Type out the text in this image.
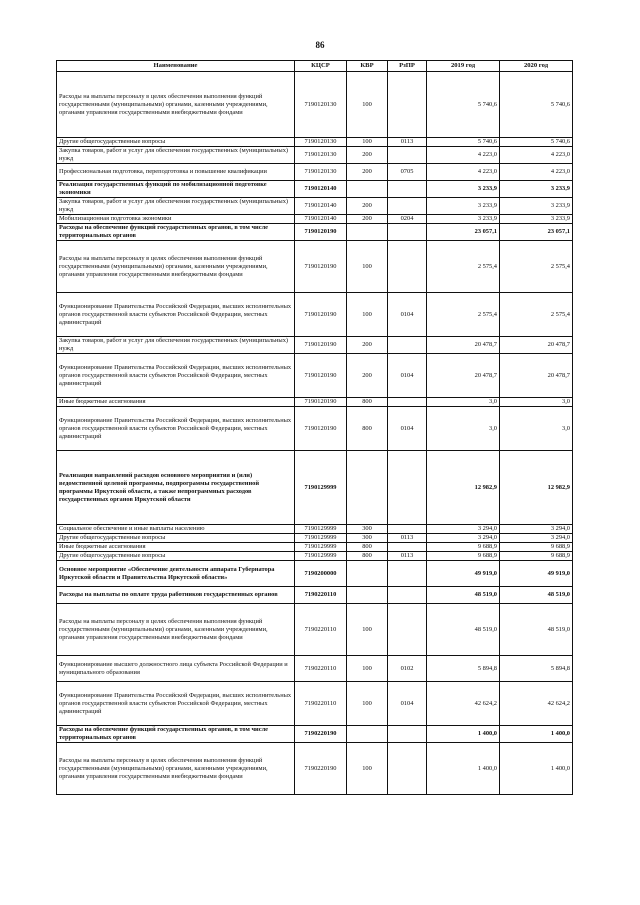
86
Наименование	КЦСР	КВР	РзПР	2019 год	2020 год
Расходы на выплаты персоналу в целях обеспечения выполнения функций государственными (муниципальными) органами, казенными учреждениями, органами управления государственными внебюджетными фондами	7190120130	100		5 740,6	5 740,6
Другие общегосударственные вопросы	7190120130	100	0113	5 740,6	5 740,6
Закупка товаров, работ и услуг для обеспечения государственных (муниципальных) нужд	7190120130	200		4 223,0	4 223,0
Профессиональная подготовка, переподготовка и повышение квалификации	7190120130	200	0705	4 223,0	4 223,0
Реализация государственных функций по мобилизационной подготовке экономики	7190120140			3 233,9	3 233,9
Закупка товаров, работ и услуг для обеспечения государственных (муниципальных) нужд	7190120140	200		3 233,9	3 233,9
Мобилизационная подготовка экономики	7190120140	200	0204	3 233,9	3 233,9
Расходы на обеспечение функций государственных органов, в том числе территориальных органов	7190120190			23 057,1	23 057,1
Расходы на выплаты персоналу в целях обеспечения выполнения функций государственными (муниципальными) органами, казенными учреждениями, органами управления государственными внебюджетными фондами	7190120190	100		2 575,4	2 575,4
Функционирование Правительства Российской Федерации, высших исполнительных органов государственной власти субъектов Российской Федерации, местных администраций	7190120190	100	0104	2 575,4	2 575,4
Закупка товаров, работ и услуг для обеспечения государственных (муниципальных) нужд	7190120190	200		20 478,7	20 478,7
Функционирование Правительства Российской Федерации, высших исполнительных органов государственной власти субъектов Российской Федерации, местных администраций	7190120190	200	0104	20 478,7	20 478,7
Иные бюджетные ассигнования	7190120190	800		3,0	3,0
Функционирование Правительства Российской Федерации, высших исполнительных органов государственной власти субъектов Российской Федерации, местных администраций	7190120190	800	0104	3,0	3,0
Реализация направлений расходов основного мероприятия и (или) ведомственной целевой программы, подпрограммы государственной программы Иркутской области, а также непрограммных расходов государственных органов Иркутской области	7190129999			12 982,9	12 982,9
Социальное обеспечение и иные выплаты населению	7190129999	300		3 294,0	3 294,0
Другие общегосударственные вопросы	7190129999	300	0113	3 294,0	3 294,0
Иные бюджетные ассигнования	7190129999	800		9 688,9	9 688,9
Другие общегосударственные вопросы	7190129999	800	0113	9 688,9	9 688,9
Основное мероприятие «Обеспечение деятельности аппарата Губернатора Иркутской области и Правительства Иркутской области»	7190200000			49 919,0	49 919,0
Расходы на выплаты по оплате труда работников государственных органов	7190220110			48 519,0	48 519,0
Расходы на выплаты персоналу в целях обеспечения выполнения функций государственными (муниципальными) органами, казенными учреждениями, органами управления государственными внебюджетными фондами	7190220110	100		48 519,0	48 519,0
Функционирование высшего должностного лица субъекта Российской Федерации и муниципального образования	7190220110	100	0102	5 894,8	5 894,8
Функционирование Правительства Российской Федерации, высших исполнительных органов государственной власти субъектов Российской Федерации, местных администраций	7190220110	100	0104	42 624,2	42 624,2
Расходы на обеспечение функций государственных органов, в том числе территориальных органов	7190220190			1 400,0	1 400,0
Расходы на выплаты персоналу в целях обеспечения выполнения функций государственными (муниципальными) органами, казенными учреждениями, органами управления государственными внебюджетными фондами	7190220190	100		1 400,0	1 400,0
